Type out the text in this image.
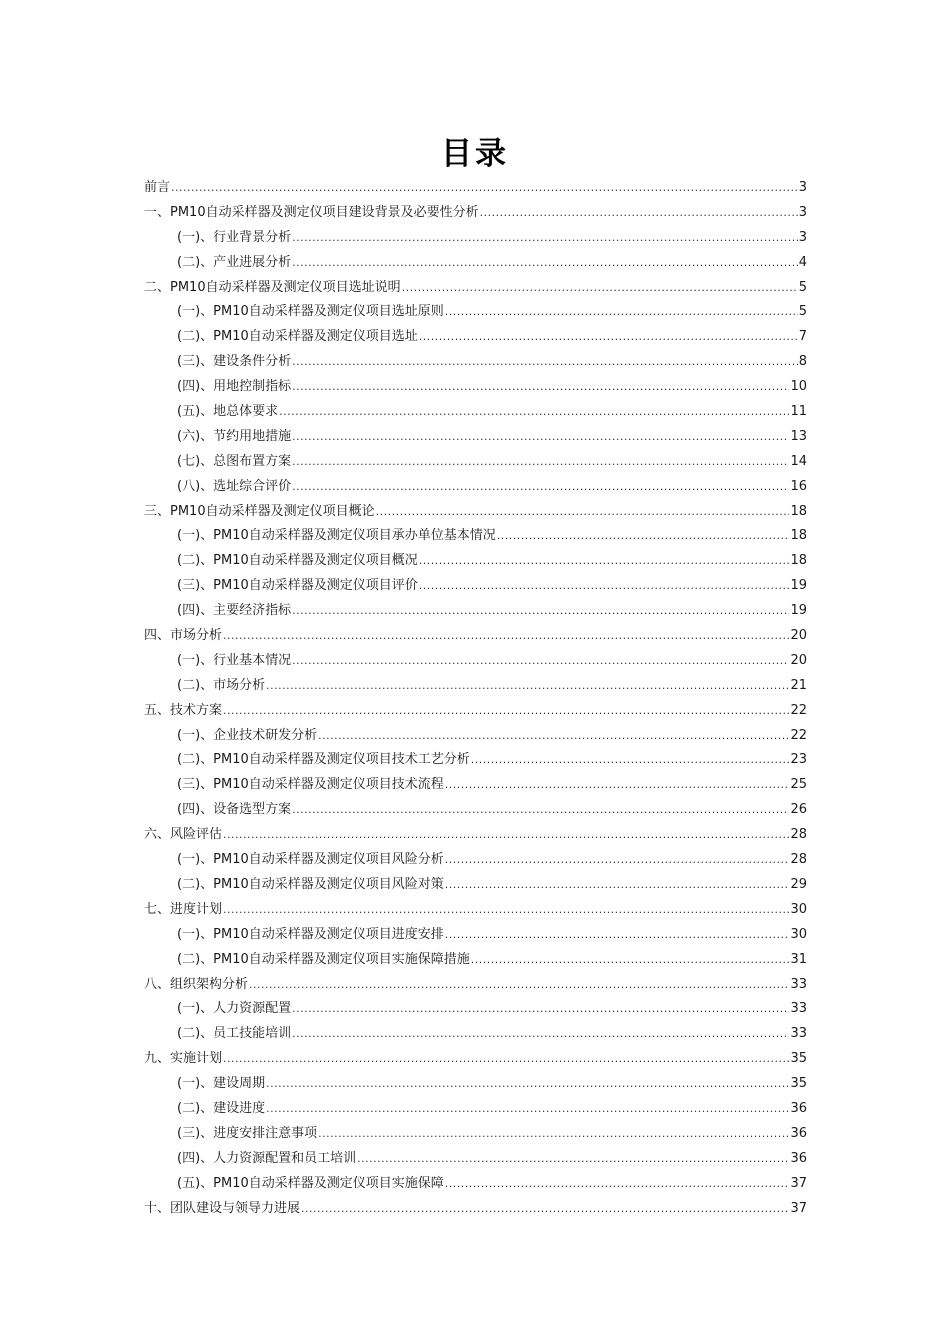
目录
前言 .....	3
一、PM10自动采样器及测定仪项目建设背景及必要性分析 .....	3
(一)、行业背景分析 .....	3
(二)、产业进展分析 .....	4
二、PM10自动采样器及测定仪项目选址说明 .....	5
(一)、PM10自动采样器及测定仪项目选址原则 .....	5
(二)、PM10自动采样器及测定仪项目选址 .....	7
(三)、建设条件分析 .....	8
(四)、用地控制指标 .....	10
(五)、地总体要求 .....	11
(六)、节约用地措施 .....	13
(七)、总图布置方案 .....	14
(八)、选址综合评价 .....	16
三、PM10自动采样器及测定仪项目概论 .....	18
(一)、PM10自动采样器及测定仪项目承办单位基本情况 .....	18
(二)、PM10自动采样器及测定仪项目概况 .....	18
(三)、PM10自动采样器及测定仪项目评价 .....	19
(四)、主要经济指标 .....	19
四、市场分析 .....	20
(一)、行业基本情况 .....	20
(二)、市场分析 .....	21
五、技术方案 .....	22
(一)、企业技术研发分析 .....	22
(二)、PM10自动采样器及测定仪项目技术工艺分析 .....	23
(三)、PM10自动采样器及测定仪项目技术流程 .....	25
(四)、设备选型方案 .....	26
六、风险评估 .....	28
(一)、PM10自动采样器及测定仪项目风险分析 .....	28
(二)、PM10自动采样器及测定仪项目风险对策 .....	29
七、进度计划 .....	30
(一)、PM10自动采样器及测定仪项目进度安排 .....	30
(二)、PM10自动采样器及测定仪项目实施保障措施 .....	31
八、组织架构分析 .....	33
(一)、人力资源配置 .....	33
(二)、员工技能培训 .....	33
九、实施计划 .....	35
(一)、建设周期 .....	35
(二)、建设进度 .....	36
(三)、进度安排注意事项 .....	36
(四)、人力资源配置和员工培训 .....	36
(五)、PM10自动采样器及测定仪项目实施保障 .....	37
十、团队建设与领导力进展 .....	37
